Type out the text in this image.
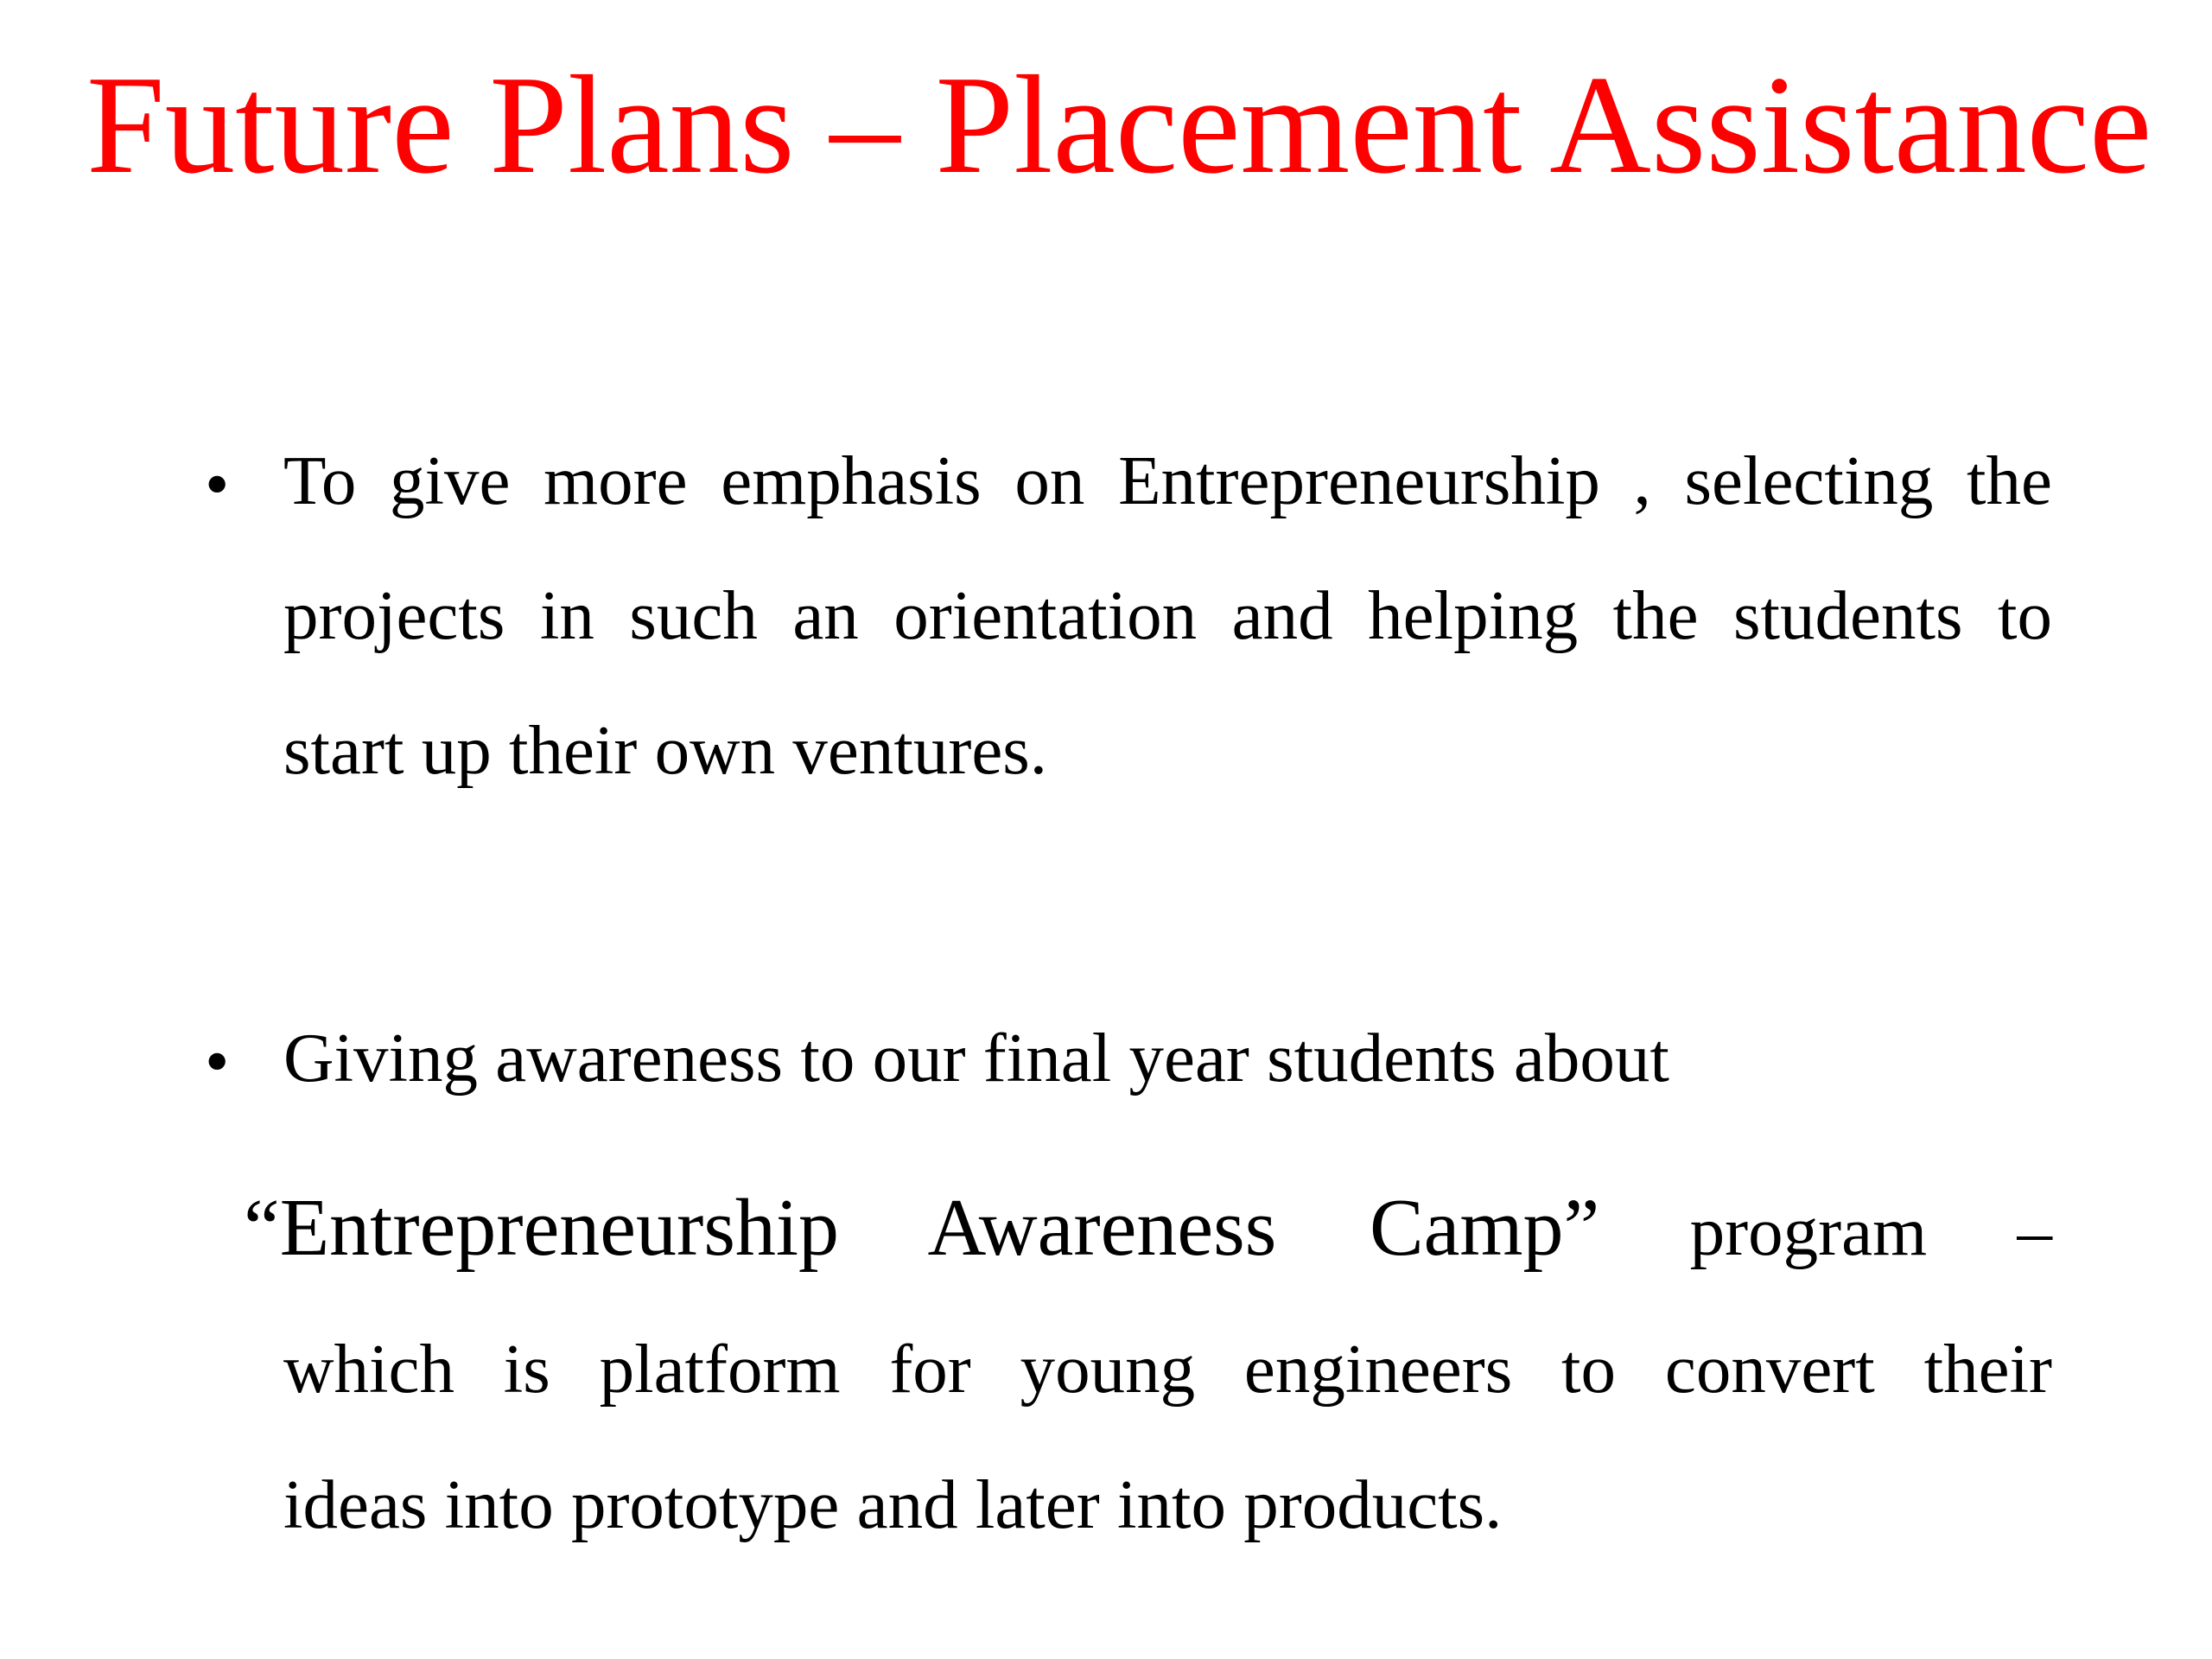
Future Plans – Placement Assistance
• To give more emphasis on Entrepreneurship , selecting the
projects in such an orientation and helping the students to
start up their own ventures.
• Giving awareness to our final year students about
“Entrepreneurship Awareness Camp” program –
which is platform for young engineers to convert their
ideas into prototype and later into products.
